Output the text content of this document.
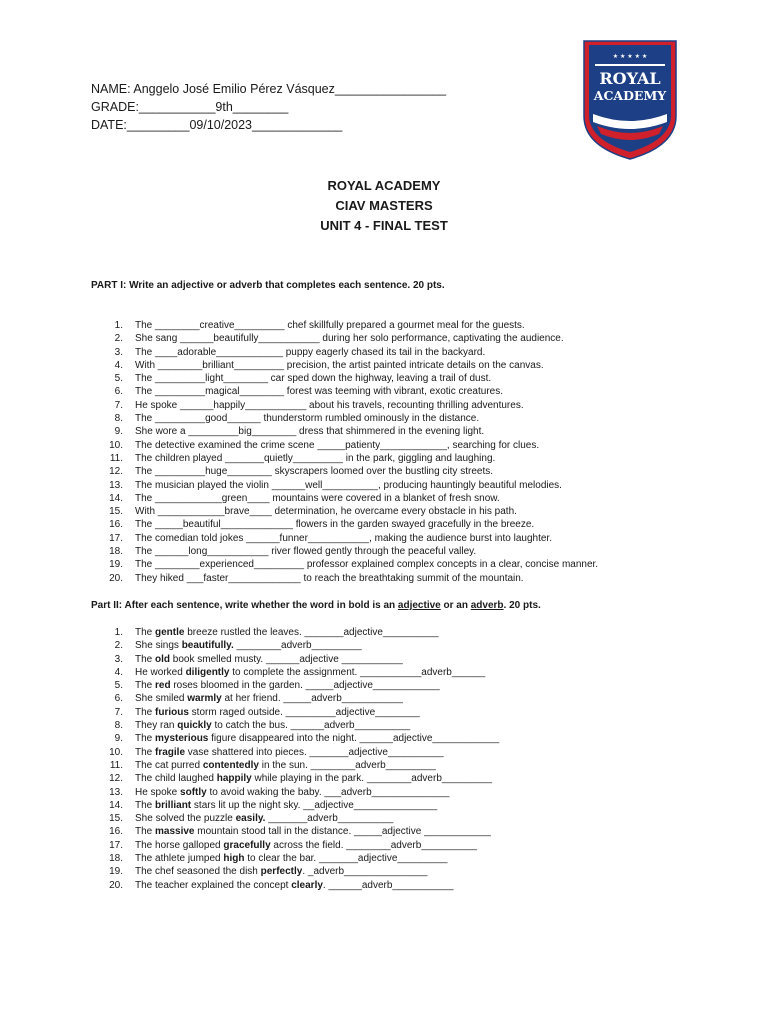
NAME: Anggelo José Emilio Pérez Vásquez________________
GRADE:___________9th________
DATE:_________09/10/2023_____________
★ ★ ★ ★ ★
ROYAL
ACADEMY
ROYAL ACADEMY
CIAV MASTERS
UNIT 4 - FINAL TEST
PART I: Write an adjective or adverb that completes each sentence. 20 pts.
1.	The ________creative_________ chef skillfully prepared a gourmet meal for the guests.
2.	She sang ______beautifully___________ during her solo performance, captivating the audience.
3.	The ____adorable____________ puppy eagerly chased its tail in the backyard.
4.	With ________brilliant_________ precision, the artist painted intricate details on the canvas.
5.	The _________light________ car sped down the highway, leaving a trail of dust.
6.	The _________magical________ forest was teeming with vibrant, exotic creatures.
7.	He spoke ______happily___________ about his travels, recounting thrilling adventures.
8.	The _________good______ thunderstorm rumbled ominously in the distance.
9.	She wore a _________big________ dress that shimmered in the evening light.
10.	The detective examined the crime scene _____patienty____________, searching for clues.
11.	The children played _______quietly_________ in the park, giggling and laughing.
12.	The _________huge________ skyscrapers loomed over the bustling city streets.
13.	The musician played the violin ______well__________, producing hauntingly beautiful melodies.
14.	The ____________green____ mountains were covered in a blanket of fresh snow.
15.	With ____________brave____ determination, he overcame every obstacle in his path.
16.	The _____beautiful_____________ flowers in the garden swayed gracefully in the breeze.
17.	The comedian told jokes ______funner___________, making the audience burst into laughter.
18.	The ______long___________ river flowed gently through the peaceful valley.
19.	The ________experienced_________ professor explained complex concepts in a clear, concise manner.
20.	They hiked ___faster_____________ to reach the breathtaking summit of the mountain.
Part II: After each sentence, write whether the word in bold is an adjective or an adverb. 20 pts.
1.	The gentle breeze rustled the leaves. _______adjective__________
2.	She sings beautifully. ________adverb_________
3.	The old book smelled musty. ______adjective ___________
4.	He worked diligently to complete the assignment. ___________adverb______
5.	The red roses bloomed in the garden. _____adjective____________
6.	She smiled warmly at her friend. _____adverb___________
7.	The furious storm raged outside. _________adjective________
8.	They ran quickly to catch the bus. ______adverb__________
9.	The mysterious figure disappeared into the night. ______adjective____________
10.	The fragile vase shattered into pieces. _______adjective__________
11.	The cat purred contentedly in the sun. ________adverb_________
12.	The child laughed happily while playing in the park. ________adverb_________
13.	He spoke softly to avoid waking the baby. ___adverb______________
14.	The brilliant stars lit up the night sky. __adjective_______________
15.	She solved the puzzle easily. _______adverb__________
16.	The massive mountain stood tall in the distance. _____adjective ____________
17.	The horse galloped gracefully across the field. ________adverb__________
18.	The athlete jumped high to clear the bar. _______adjective_________
19.	The chef seasoned the dish perfectly. _adverb_______________
20.	The teacher explained the concept clearly. ______adverb___________
